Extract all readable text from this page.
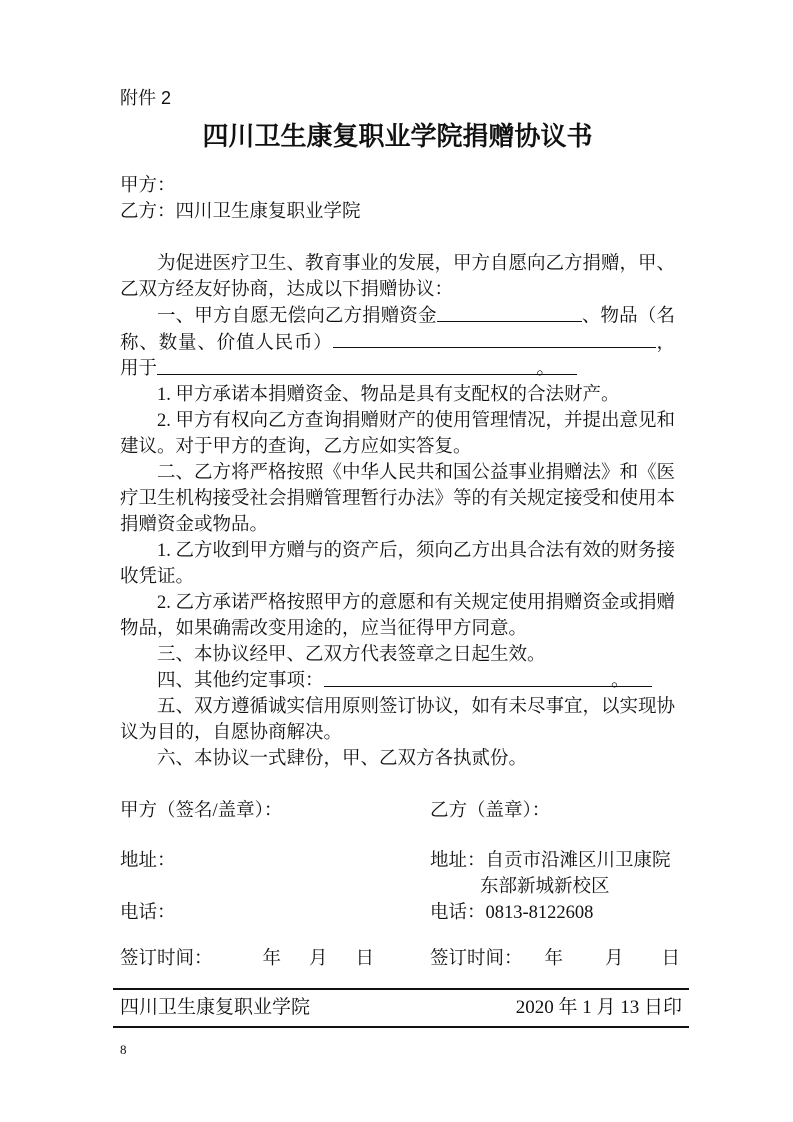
附件 2
四川卫生康复职业学院捐赠协议书
甲方：
乙方：四川卫生康复职业学院

为促进医疗卫生、教育事业的发展，甲方自愿向乙方捐赠，甲、乙双方经友好协商，达成以下捐赠协议：

一、甲方自愿无偿向乙方捐赠资金	、物品（名称、数量、价值人民币）	，用于	。

1. 甲方承诺本捐赠资金、物品是具有支配权的合法财产。

2. 甲方有权向乙方查询捐赠财产的使用管理情况，并提出意见和建议。对于甲方的查询，乙方应如实答复。

二、乙方将严格按照《中华人民共和国公益事业捐赠法》和《医疗卫生机构接受社会捐赠管理暂行办法》等的有关规定接受和使用本捐赠资金或物品。

1. 乙方收到甲方赠与的资产后，须向乙方出具合法有效的财务接收凭证。

2. 乙方承诺严格按照甲方的意愿和有关规定使用捐赠资金或捐赠物品，如果确需改变用途的，应当征得甲方同意。

三、本协议经甲、乙双方代表签章之日起生效。

四、其他约定事项：	。

五、双方遵循诚实信用原则签订协议，如有未尽事宜，以实现协议为目的，自愿协商解决。

六、本协议一式肆份，甲、乙双方各执贰份。

甲方（签名/盖章）：	乙方（盖章）：
地址：	地址：自贡市沿滩区川卫康院
东部新城新校区
电话：	电话：0813-8122608
签订时间：	年 月 日	签订时间： 年 月 日
四川卫生康复职业学院	2020 年 1 月 13 日印
8
